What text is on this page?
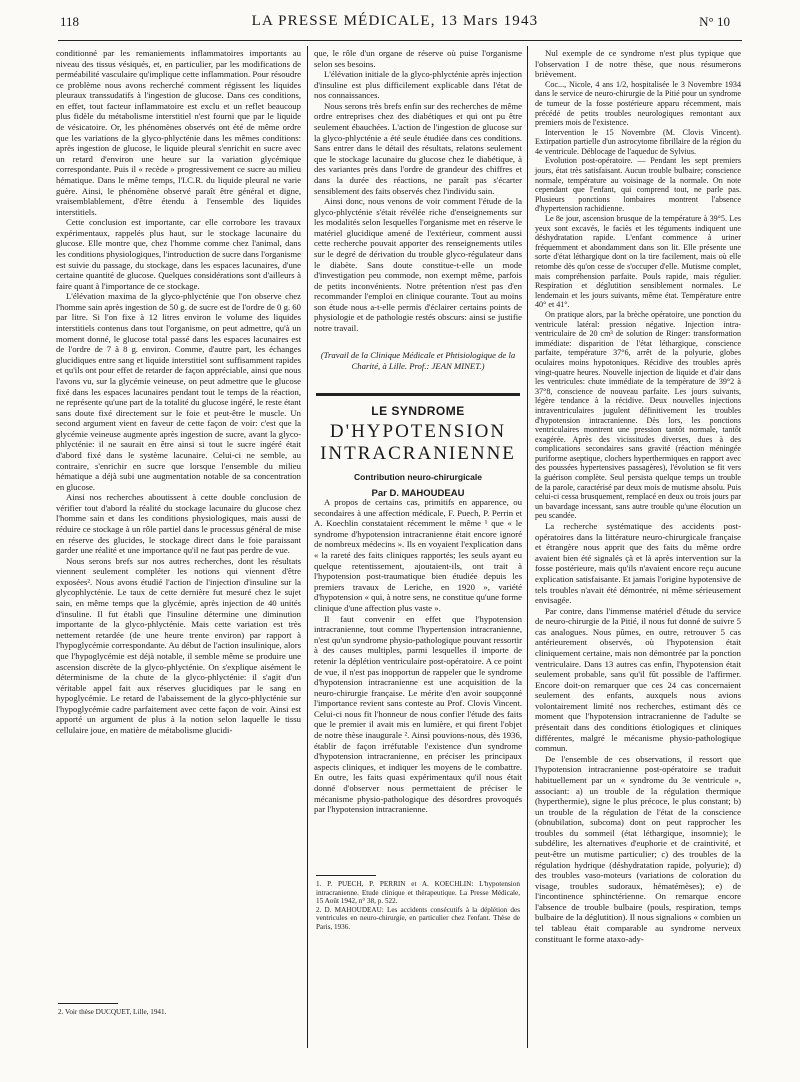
118	LA PRESSE MÉDICALE, 13 Mars 1943	N° 10

conditionné par les remaniements inflammatoires importants au niveau des tissus vésiqués, et, en particulier, par les modifications de perméabilité vasculaire qu'implique cette inflammation. Pour résoudre ce problème nous avons recherché comment régissent les liquides pleuraux transsudatifs à l'ingestion de glucose. Dans ces conditions, en effet, tout facteur inflammatoire est exclu et un reflet beaucoup plus fidèle du métabolisme interstitiel n'est fourni que par le liquide de vésicatoire. Or, les phénomènes observés ont été de même ordre que les variations de la glyco-phlycténie dans les mêmes conditions: après ingestion de glucose, le liquide pleural s'enrichit en sucre avec un retard d'environ une heure sur la variation glycémique correspondante. Puis il « recède » progressivement ce sucre au milieu hématique. Dans le même temps, l'I.C.R. du liquide pleural ne varie guère. Ainsi, le phénomène observé paraît être général et digne, vraisemblablement, d'être étendu à l'ensemble des liquides interstitiels.

Cette conclusion est importante, car elle corrobore les travaux expérimentaux, rappelés plus haut, sur le stockage lacunaire du glucose. Elle montre que, chez l'homme comme chez l'animal, dans les conditions physiologiques, l'introduction de sucre dans l'organisme est suivie du passage, du stockage, dans les espaces lacunaires, d'une certaine quantité de glucose. Quelques considérations sont d'ailleurs à faire quant à l'importance de ce stockage.

L'élévation maxima de la glyco-phlycténie que l'on observe chez l'homme sain après ingestion de 50 g. de sucre est de l'ordre de 0 g. 60 par litre. Si l'on fixe à 12 litres environ le volume des liquides interstitiels contenus dans tout l'organisme, on peut admettre, qu'à un moment donné, le glucose total passé dans les espaces lacunaires est de l'ordre de 7 à 8 g. environ. Comme, d'autre part, les échanges glucidiques entre sang et liquide interstitiel sont suffisamment rapides et qu'ils ont pour effet de retarder de façon appréciable, ainsi que nous l'avons vu, sur la glycémie veineuse, on peut admettre que le glucose fixé dans les espaces lacunaires pendant tout le temps de la réaction, ne représente qu'une part de la totalité du glucose ingéré, le reste étant sans doute fixé directement sur le foie et peut-être le muscle. Un second argument vient en faveur de cette façon de voir: c'est que la glycémie veineuse augmente après ingestion de sucre, avant la glyco-phlycténie: il ne saurait en être ainsi si tout le sucre ingéré était d'abord fixé dans le système lacunaire. Celui-ci ne semble, au contraire, s'enrichir en sucre que lorsque l'ensemble du milieu hématique a déjà subi une augmentation notable de sa concentration en glucose.

Ainsi nos recherches aboutissent à cette double conclusion de vérifier tout d'abord la réalité du stockage lacunaire du glucose chez l'homme sain et dans les conditions physiologiques, mais aussi de réduire ce stockage à un rôle partiel dans le processus général de mise en réserve des glucides, le stockage direct dans le foie paraissant garder une réalité et une importance qu'il ne faut pas perdre de vue.

Nous serons brefs sur nos autres recherches, dont les résultats viennent seulement compléter les notions qui viennent d'être exposées². Nous avons étudié l'action de l'injection d'insuline sur la glycophlycténie. Le taux de cette dernière fut mesuré chez le sujet sain, en même temps que la glycémie, après injection de 40 unités d'insuline. Il fut établi que l'insuline détermine une diminution importante de la glyco-phlycténie. Mais cette variation est très nettement retardée (de une heure trente environ) par rapport à l'hypoglycémie correspondante. Au début de l'action insulinique, alors que l'hypoglycémie est déjà notable, il semble même se produire une ascension discrète de la glyco-phlycténie. On s'explique aisément le déterminisme de la chute de la glyco-phlycténie: il s'agit d'un véritable appel fait aux réserves glucidiques par le sang en hypoglycémie. Le retard de l'abaissement de la glyco-phlycténie sur l'hypoglycémie cadre parfaitement avec cette façon de voir. Ainsi est apporté un argument de plus à la notion selon laquelle le tissu cellulaire joue, en matière de métabolisme glucidi-

2. Voir thèse DUCQUET, Lille, 1941.

que, le rôle d'un organe de réserve où puise l'organisme selon ses besoins.

L'élévation initiale de la glyco-phlycténie après injection d'insuline est plus difficilement explicable dans l'état de nos connaissances.

Nous serons très brefs enfin sur des recherches de même ordre entreprises chez des diabétiques et qui ont pu être seulement ébauchées. L'action de l'ingestion de glucose sur la glyco-phlycténie a été seule étudiée dans ces conditions. Sans entrer dans le détail des résultats, relatons seulement que le stockage lacunaire du glucose chez le diabétique, à des variantes près dans l'ordre de grandeur des chiffres et dans la durée des réactions, ne paraît pas s'écarter sensiblement des faits observés chez l'individu sain.

Ainsi donc, nous venons de voir comment l'étude de la glyco-phlycténie s'était révélée riche d'enseignements sur les modalités selon lesquelles l'organisme met en réserve le matériel glucidique amené de l'extérieur, comment aussi cette recherche pouvait apporter des renseignements utiles sur le degré de dérivation du trouble glyco-régulateur dans le diabète. Sans doute constitue-t-elle un mode d'investigation peu commode, non exempt même, parfois de petits inconvénients. Notre prétention n'est pas d'en recommander l'emploi en clinique courante. Tout au moins son étude nous a-t-elle permis d'éclairer certains points de physiologie et de pathologie restés obscurs: ainsi se justifie notre travail.

(Travail de la Clinique Médicale et Phtisiologique de la Charité, à Lille. Prof.: JEAN MINET.)
LE SYNDROME
D'HYPOTENSION
INTRACRANIENNE
Contribution neuro-chirurgicale
Par D. MAHOUDEAU

A propos de certains cas, primitifs en apparence, ou secondaires à une affection médicale, F. Puech, P. Perrin et A. Koechlin constataient récemment le même ¹ que « le syndrome d'hypotension intracranienne était encore ignoré de nombreux médecins ». Ils en voyaient l'explication dans « la rareté des faits cliniques rapportés; les seuls ayant eu quelque retentissement, ajoutaient-ils, ont trait à l'hypotension post-traumatique bien étudiée depuis les premiers travaux de Leriche, en 1920 », variété d'hypotension « qui, à notre sens, ne constitue qu'une forme clinique d'une affection plus vaste ».

Il faut convenir en effet que l'hypotension intracranienne, tout comme l'hypertension intracranienne, n'est qu'un syndrome physio-pathologique pouvant ressortir à des causes multiples, parmi lesquelles il importe de retenir la déplétion ventriculaire post-opératoire. A ce point de vue, il n'est pas inopportun de rappeler que le syndrome d'hypotension intracranienne est une acquisition de la neuro-chirurgie française. Le mérite d'en avoir soupçonné l'importance revient sans conteste au Prof. Clovis Vincent. Celui-ci nous fit l'honneur de nous confier l'étude des faits que le premier il avait mis en lumière, et qui firent l'objet de notre thèse inaugurale ². Ainsi pouvions-nous, dès 1936, établir de façon irréfutable l'existence d'un syndrome d'hypotension intracranienne, en préciser les principaux aspects cliniques, et indiquer les moyens de le combattre. En outre, les faits quasi expérimentaux qu'il nous était donné d'observer nous permettaient de préciser le mécanisme physio-pathologique des désordres provoqués par l'hypotension intracranienne.

1. P. PUECH, P. PERRIN et A. KOECHLIN: L'hypotension intracranienne. Etude clinique et thérapeutique. La Presse Médicale, 15 Août 1942, n° 38, p. 522.

2. D. MAHOUDEAU: Les accidents consécutifs à la déplétion des ventricules en neuro-chirurgie, en particulier chez l'enfant. Thèse de Paris, 1936.

Nul exemple de ce syndrome n'est plus typique que l'observation I de notre thèse, que nous résumerons brièvement.

Coc..., Nicole, 4 ans 1/2, hospitalisée le 3 Novembre 1934 dans le service de neuro-chirurgie de la Pitié pour un syndrome de tumeur de la fosse postérieure apparu récemment, mais précédé de petits troubles neurologiques remontant aux premiers mois de l'existence.

Intervention le 15 Novembre (M. Clovis Vincent). Extirpation partielle d'un astrocytome fibrillaire de la région du 4e ventricule. Déblocage de l'aqueduc de Sylvius.

Evolution post-opératoire. — Pendant les sept premiers jours, état très satisfaisant. Aucun trouble bulbaire; conscience normale, température au voisinage de la normale. On note cependant que l'enfant, qui comprend tout, ne parle pas. Plusieurs ponctions lombaires montrent l'absence d'hypertension rachidienne.

Le 8e jour, ascension brusque de la température à 39°5. Les yeux sont excavés, le faciès et les téguments indiquent une déshydratation rapide. L'enfant commence à uriner fréquemment et abondamment dans son lit. Elle présente une sorte d'état léthargique dont on la tire facilement, mais où elle retombe dès qu'on cesse de s'occuper d'elle. Mutisme complet, mais compréhension parfaite. Pouls rapide, mais régulier. Respiration et déglutition sensiblement normales. Le lendemain et les jours suivants, même état. Température entre 40° et 41°.

On pratique alors, par la brèche opératoire, une ponction du ventricule latéral: pression négative. Injection intra-ventriculaire de 20 cm³ de solution de Ringer: transformation immédiate: disparition de l'état léthargique, conscience parfaite, température 37°6, arrêt de la polyurie, globes oculaires moins hypotoniques. Récidive des troubles après vingt-quatre heures. Nouvelle injection de liquide et d'air dans les ventricules: chute immédiate de la température de 39°2 à 37°8, conscience de nouveau parfaite. Les jours suivants, légère tendance à la récidive. Deux nouvelles injections intraventriculaires jugulent définitivement les troubles d'hypotension intracranienne. Dès lors, les ponctions ventriculaires montrent une pression tantôt normale, tantôt exagérée. Après des vicissitudes diverses, dues à des complications secondaires sans gravité (réaction méningée puriforme aseptique, clochers hyperthermiques en rapport avec des poussées hypertensives passagères), l'évolution se fit vers la guérison complète. Seul persista quelque temps un trouble de la parole, caractérisé par deux mois de mutisme absolu. Puis celui-ci cessa brusquement, remplacé en deux ou trois jours par un bavardage incessant, sans autre trouble qu'une élocution un peu scandée.

La recherche systématique des accidents post-opératoires dans la littérature neuro-chirurgicale française et étrangère nous apprit que des faits du même ordre avaient bien été signalés çà et là après intervention sur la fosse postérieure, mais qu'ils n'avaient encore reçu aucune explication satisfaisante. Et jamais l'origine hypotensive de tels troubles n'avait été démontrée, ni même sérieusement envisagée.

Par contre, dans l'immense matériel d'étude du service de neuro-chirurgie de la Pitié, il nous fut donné de suivre 5 cas analogues. Nous pûmes, en outre, retrouver 5 cas antérieurement observés, où l'hypotension était cliniquement certaine, mais non démontrée par la ponction ventriculaire. Dans 13 autres cas enfin, l'hypotension était seulement probable, sans qu'il fût possible de l'affirmer. Encore doit-on remarquer que ces 24 cas concernaient seulement des enfants, auxquels nous avions volontairement limité nos recherches, estimant dès ce moment que l'hypotension intracranienne de l'adulte se présentait dans des conditions étiologiques et cliniques différentes, malgré le mécanisme physio-pathologique commun.

De l'ensemble de ces observations, il ressort que l'hypotension intracranienne post-opératoire se traduit habituellement par un « syndrome du 3e ventricule », associant: a) un trouble de la régulation thermique (hyperthermie), signe le plus précoce, le plus constant; b) un trouble de la régulation de l'état de la conscience (obnubilation, subcoma) dont on peut rapprocher les troubles du sommeil (état léthargique, insomnie); le subdélire, les alternatives d'euphorie et de craintivité, et peut-être un mutisme particulier; c) des troubles de la régulation hydrique (déshydratation rapide, polyurie); d) des troubles vaso-moteurs (variations de coloration du visage, troubles sudoraux, hématémèses); e) de l'incontinence sphinctérienne. On remarque encore l'absence de trouble bulbaire (pouls, respiration, temps bulbaire de la déglutition). Il nous signalions « combien un tel tableau était comparable au syndrome nerveux constituant le forme ataxo-ady-
